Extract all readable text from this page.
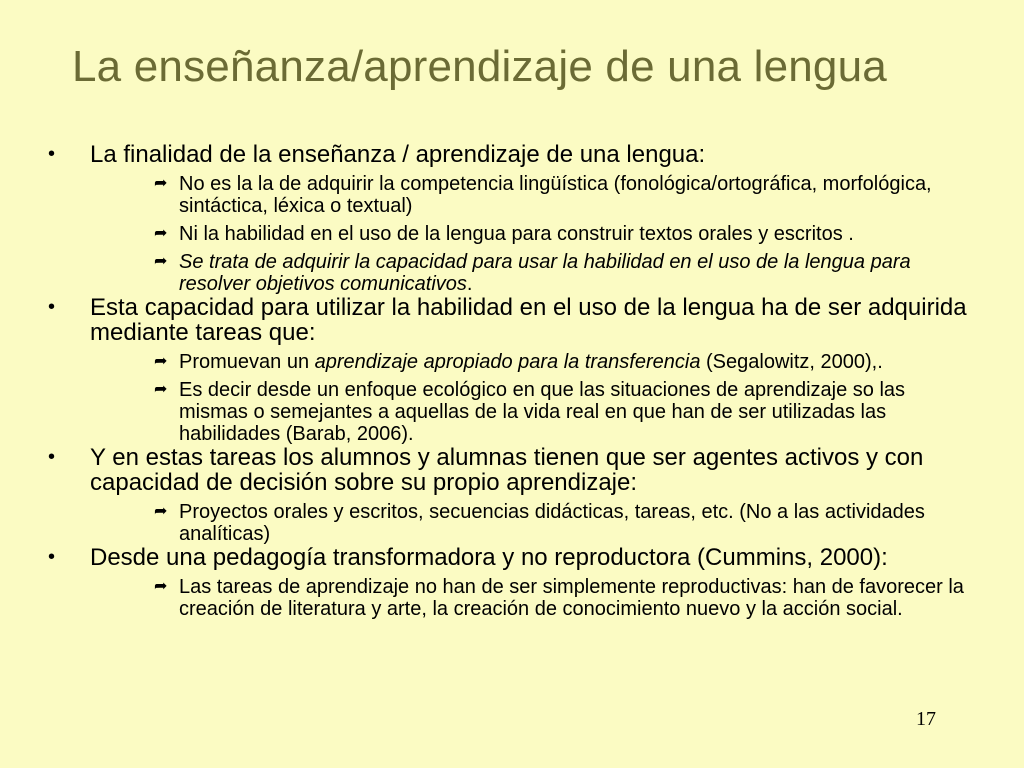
La enseñanza/aprendizaje de una lengua
•	La finalidad de la enseñanza / aprendizaje de una lengua:
➦ No es la la de adquirir la competencia lingüística (fonológica/ortográfica, morfológica, sintáctica, léxica o textual)
➦ Ni la habilidad en el uso de la lengua para construir textos orales y escritos .
➦ Se trata de adquirir la capacidad para usar la habilidad en el uso de la lengua para resolver objetivos comunicativos.
•	Esta capacidad para utilizar la habilidad en el uso de la lengua ha de ser adquirida mediante tareas que:
➦ Promuevan un aprendizaje apropiado para la transferencia (Segalowitz, 2000),.
➦ Es decir desde un enfoque ecológico en que las situaciones de aprendizaje so las mismas o semejantes a aquellas de la vida real en que han de ser utilizadas las habilidades (Barab, 2006).
•	Y en estas tareas los alumnos y alumnas tienen que ser agentes activos y con capacidad de decisión sobre su propio aprendizaje:
➦ Proyectos orales y escritos, secuencias didácticas, tareas, etc. (No a las actividades analíticas)
•	Desde una pedagogía transformadora y no reproductora (Cummins, 2000):
➦ Las tareas de aprendizaje no han de ser simplemente reproductivas: han de favorecer la creación de literatura y arte, la creación de conocimiento nuevo y la acción social.
17
